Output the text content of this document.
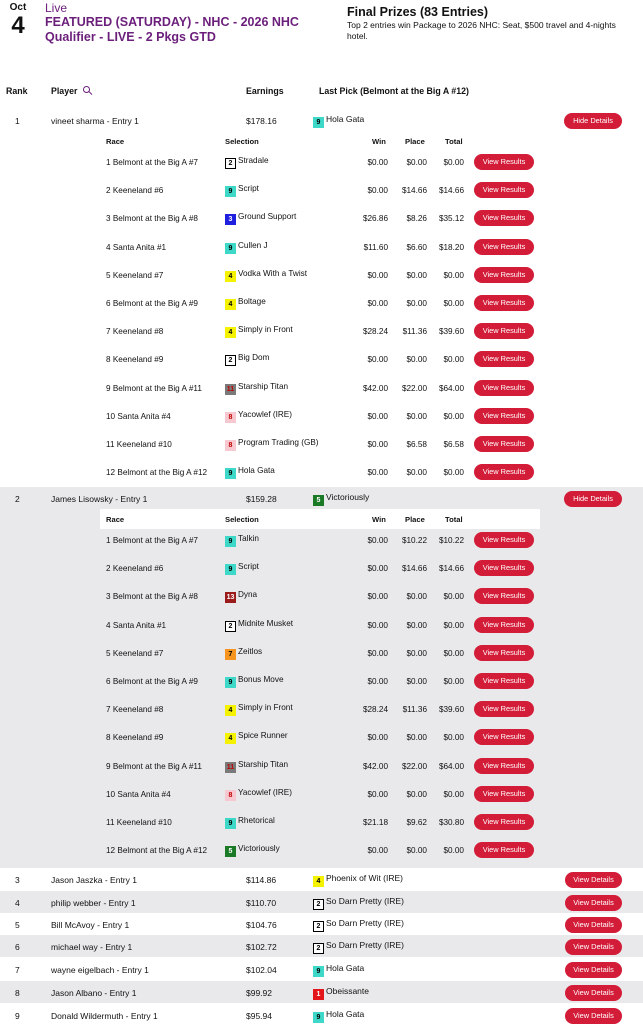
Oct
4
Live
FEATURED (SATURDAY) - NHC - 2026 NHC Qualifier - LIVE - 2 Pkgs GTD
Final Prizes (83 Entries)
Top 2 entries win Package to 2026 NHC: Seat, $500 travel and 4-nights hotel.
Rank	Player	Earnings	Last Pick (Belmont at the Big A #12)
1	vineet sharma - Entry 1	$178.16	9 Hola Gata	Hide Details
Race	Selection	Win	Place	Total
1 Belmont at the Big A #7	2 Stradale	$0.00	$0.00	$0.00	View Results
2 Keeneland #6	9 Script	$0.00	$14.66	$14.66	View Results
3 Belmont at the Big A #8	3 Ground Support	$26.86	$8.26	$35.12	View Results
4 Santa Anita #1	9 Cullen J	$11.60	$6.60	$18.20	View Results
5 Keeneland #7	4 Vodka With a Twist	$0.00	$0.00	$0.00	View Results
6 Belmont at the Big A #9	4 Boltage	$0.00	$0.00	$0.00	View Results
7 Keeneland #8	4 Simply in Front	$28.24	$11.36	$39.60	View Results
8 Keeneland #9	2 Big Dom	$0.00	$0.00	$0.00	View Results
9 Belmont at the Big A #11	11 Starship Titan	$42.00	$22.00	$64.00	View Results
10 Santa Anita #4	8 Yacowlef (IRE)	$0.00	$0.00	$0.00	View Results
11 Keeneland #10	8 Program Trading (GB)	$0.00	$6.58	$6.58	View Results
12 Belmont at the Big A #12	9 Hola Gata	$0.00	$0.00	$0.00	View Results
2	James Lisowsky - Entry 1	$159.28	5 Victoriously	Hide Details
Race	Selection	Win	Place	Total
1 Belmont at the Big A #7	9 Talkin	$0.00	$10.22	$10.22	View Results
2 Keeneland #6	9 Script	$0.00	$14.66	$14.66	View Results
3 Belmont at the Big A #8	13 Dyna	$0.00	$0.00	$0.00	View Results
4 Santa Anita #1	2 Midnite Musket	$0.00	$0.00	$0.00	View Results
5 Keeneland #7	7 Zeitlos	$0.00	$0.00	$0.00	View Results
6 Belmont at the Big A #9	9 Bonus Move	$0.00	$0.00	$0.00	View Results
7 Keeneland #8	4 Simply in Front	$28.24	$11.36	$39.60	View Results
8 Keeneland #9	4 Spice Runner	$0.00	$0.00	$0.00	View Results
9 Belmont at the Big A #11	11 Starship Titan	$42.00	$22.00	$64.00	View Results
10 Santa Anita #4	8 Yacowlef (IRE)	$0.00	$0.00	$0.00	View Results
11 Keeneland #10	9 Rhetorical	$21.18	$9.62	$30.80	View Results
12 Belmont at the Big A #12	5 Victoriously	$0.00	$0.00	$0.00	View Results
3	Jason Jaszka - Entry 1	$114.86	4 Phoenix of Wit (IRE)	View Details
4	philip webber - Entry 1	$110.70	2 So Darn Pretty (IRE)	View Details
5	Bill McAvoy - Entry 1	$104.76	2 So Darn Pretty (IRE)	View Details
6	michael way - Entry 1	$102.72	2 So Darn Pretty (IRE)	View Details
7	wayne eigelbach - Entry 1	$102.04	9 Hola Gata	View Details
8	Jason Albano - Entry 1	$99.92	1 Obeissante	View Details
9	Donald Wildermuth - Entry 1	$95.94	9 Hola Gata	View Details
